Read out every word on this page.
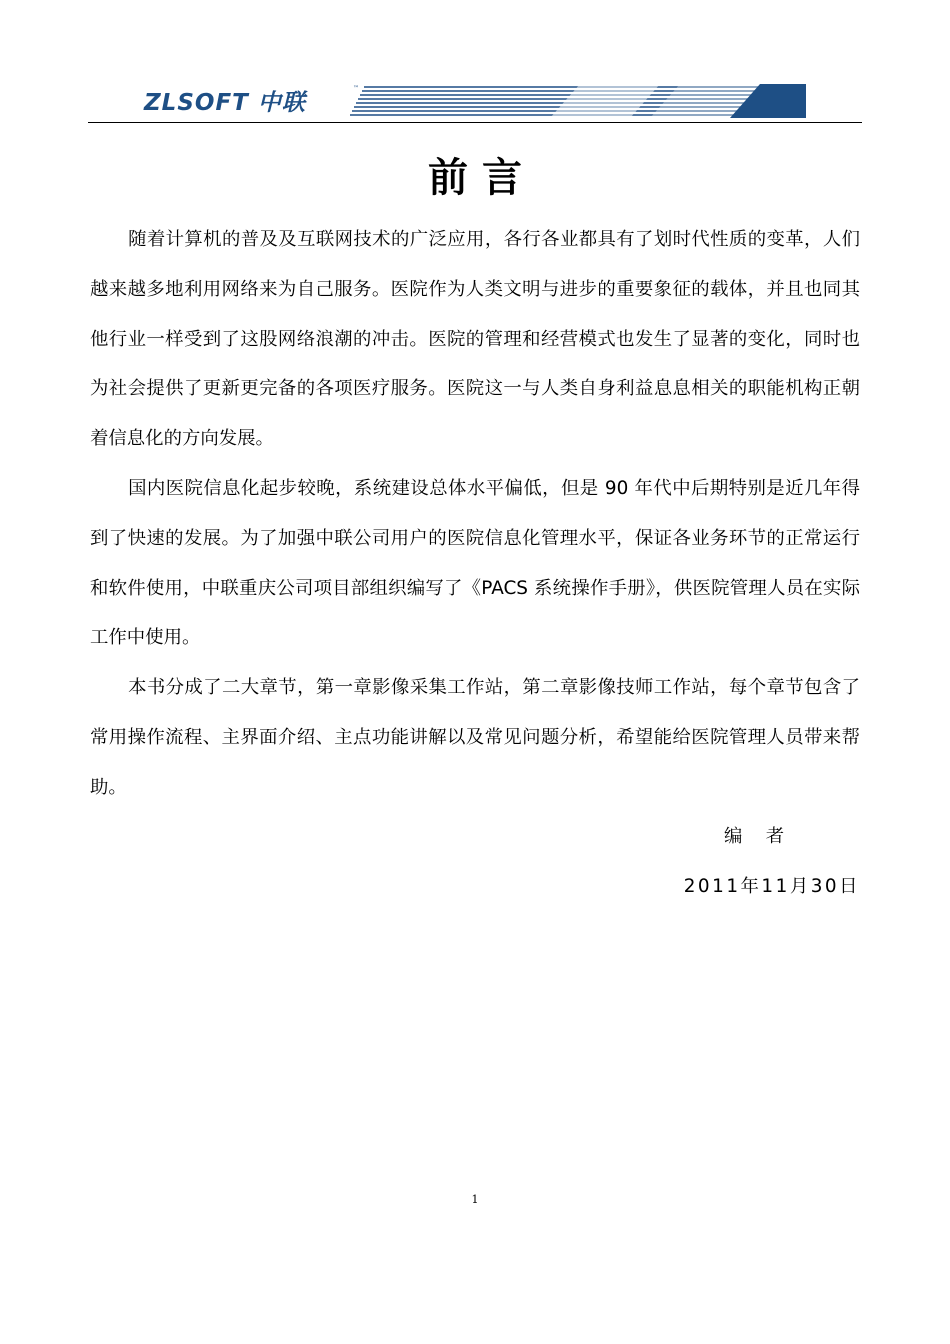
ZLSOFT 中联
™
前 言

随着计算机的普及及互联网技术的广泛应用，各行各业都具有了划时代性质的变革，人们越来越多地利用网络来为自己服务。医院作为人类文明与进步的重要象征的载体，并且也同其他行业一样受到了这股网络浪潮的冲击。医院的管理和经营模式也发生了显著的变化，同时也为社会提供了更新更完备的各项医疗服务。医院这一与人类自身利益息息相关的职能机构正朝着信息化的方向发展。

国内医院信息化起步较晚，系统建设总体水平偏低，但是 90 年代中后期特别是近几年得到了快速的发展。为了加强中联公司用户的医院信息化管理水平，保证各业务环节的正常运行和软件使用，中联重庆公司项目部组织编写了《PACS 系统操作手册》，供医院管理人员在实际工作中使用。

本书分成了二大章节，第一章影像采集工作站，第二章影像技师工作站，每个章节包含了常用操作流程、主界面介绍、主点功能讲解以及常见问题分析，希望能给医院管理人员带来帮助。

编    者
2011年11月30日
1
